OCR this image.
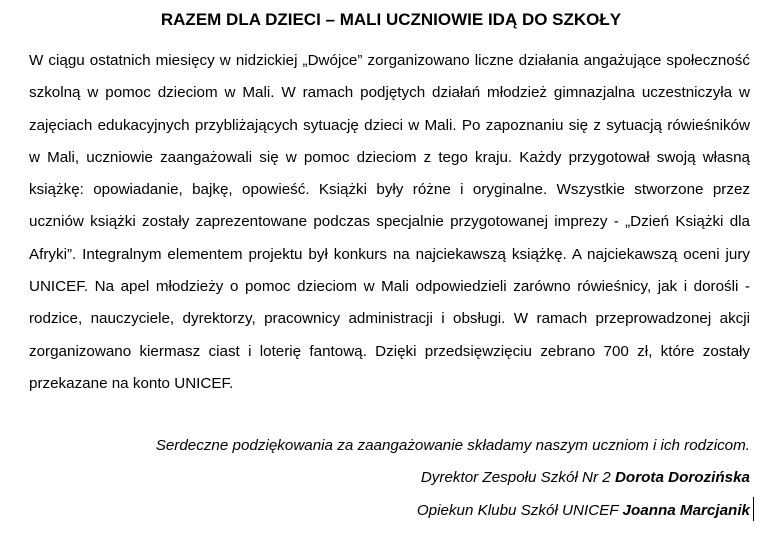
RAZEM DLA DZIECI – MALI UCZNIOWIE IDĄ DO SZKOŁY

W ciągu ostatnich miesięcy w nidzickiej „Dwójce” zorganizowano liczne działania angażujące społeczność szkolną w pomoc dzieciom w Mali. W ramach podjętych działań młodzież gimnazjalna uczestniczyła w zajęciach edukacyjnych przybliżających sytuację dzieci w Mali. Po zapoznaniu się z sytuacją rówieśników w Mali, uczniowie zaangażowali się w pomoc dzieciom z tego kraju. Każdy przygotował swoją własną książkę: opowiadanie, bajkę, opowieść. Książki były różne i oryginalne. Wszystkie stworzone przez uczniów książki zostały zaprezentowane podczas specjalnie przygotowanej imprezy - „Dzień Książki dla Afryki”. Integralnym elementem projektu był konkurs na najciekawszą książkę. A najciekawszą oceni jury UNICEF. Na apel młodzieży o pomoc dzieciom w Mali odpowiedzieli zarówno rówieśnicy, jak i dorośli - rodzice, nauczyciele, dyrektorzy, pracownicy administracji i obsługi. W ramach przeprowadzonej akcji zorganizowano kiermasz ciast i loterię fantową. Dzięki przedsięwzięciu zebrano 700 zł, które zostały przekazane na konto UNICEF.

Serdeczne podziękowania za zaangażowanie składamy naszym uczniom i ich rodzicom.
Dyrektor Zespołu Szkół Nr 2 Dorota Dorozińska
Opiekun Klubu Szkół UNICEF Joanna Marcjanik
